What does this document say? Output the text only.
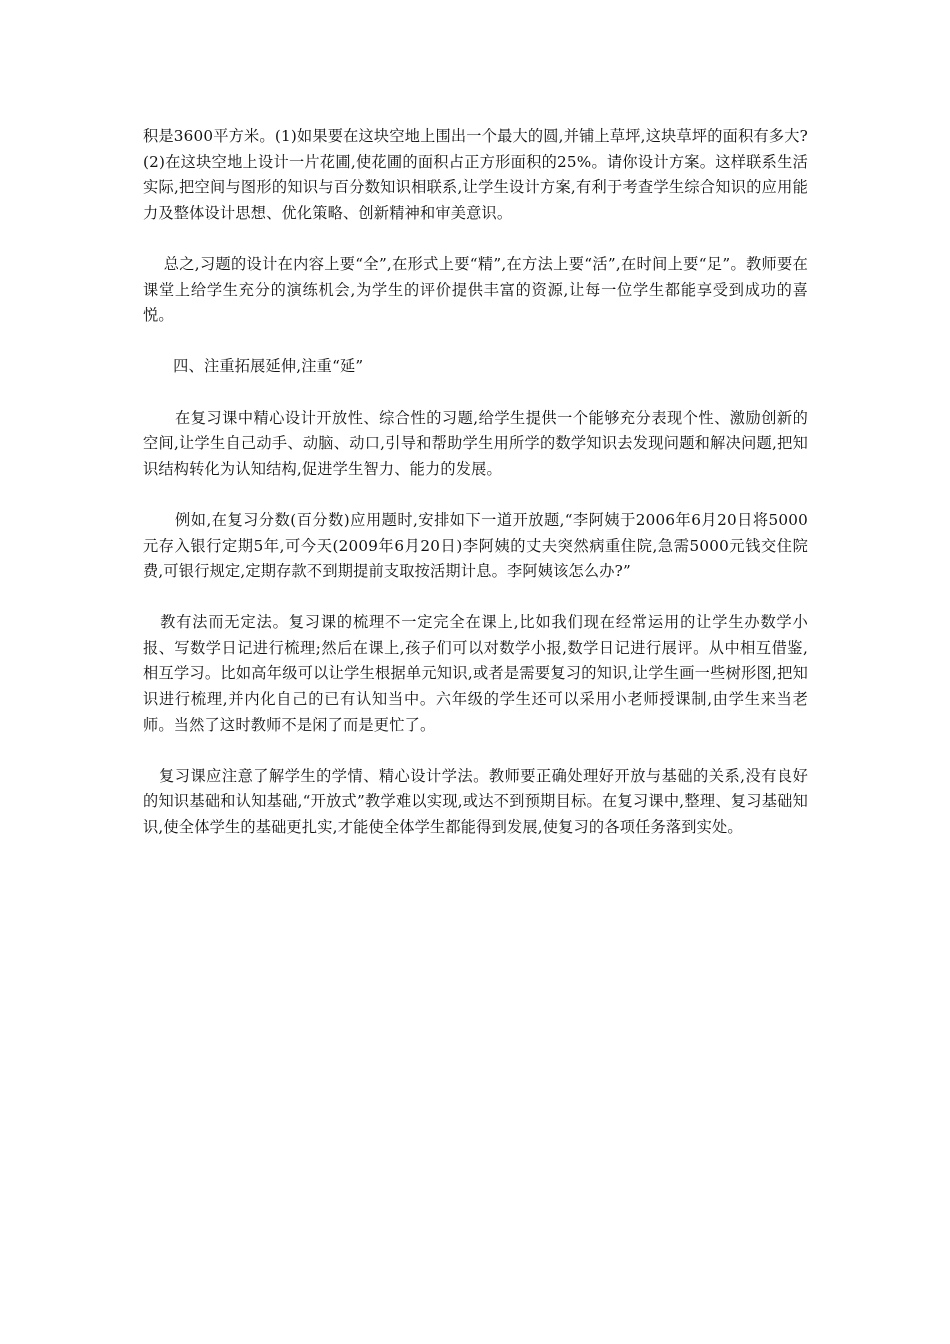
积是3600平方米。(1)如果要在这块空地上围出一个最大的圆,并铺上草坪,这块草坪的面积有多大?(2)在这块空地上设计一片花圃,使花圃的面积占正方形面积的25%。请你设计方案。这样联系生活实际,把空间与图形的知识与百分数知识相联系,让学生设计方案,有利于考查学生综合知识的应用能力及整体设计思想、优化策略、创新精神和审美意识。

总之,习题的设计在内容上要“全”,在形式上要“精”,在方法上要“活”,在时间上要“足”。教师要在课堂上给学生充分的演练机会,为学生的评价提供丰富的资源,让每一位学生都能享受到成功的喜悦。

四、注重拓展延伸,注重“延”

在复习课中精心设计开放性、综合性的习题,给学生提供一个能够充分表现个性、激励创新的空间,让学生自己动手、动脑、动口,引导和帮助学生用所学的数学知识去发现问题和解决问题,把知识结构转化为认知结构,促进学生智力、能力的发展。

例如,在复习分数(百分数)应用题时,安排如下一道开放题,“李阿姨于2006年6月20日将5000元存入银行定期5年,可今天(2009年6月20日)李阿姨的丈夫突然病重住院,急需5000元钱交住院费,可银行规定,定期存款不到期提前支取按活期计息。李阿姨该怎么办?”

教有法而无定法。复习课的梳理不一定完全在课上,比如我们现在经常运用的让学生办数学小报、写数学日记进行梳理;然后在课上,孩子们可以对数学小报,数学日记进行展评。从中相互借鉴,相互学习。比如高年级可以让学生根据单元知识,或者是需要复习的知识,让学生画一些树形图,把知识进行梳理,并内化自己的已有认知当中。六年级的学生还可以采用小老师授课制,由学生来当老师。当然了这时教师不是闲了而是更忙了。

复习课应注意了解学生的学情、精心设计学法。教师要正确处理好开放与基础的关系,没有良好的知识基础和认知基础,“开放式”教学难以实现,或达不到预期目标。在复习课中,整理、复习基础知识,使全体学生的基础更扎实,才能使全体学生都能得到发展,使复习的各项任务落到实处。
